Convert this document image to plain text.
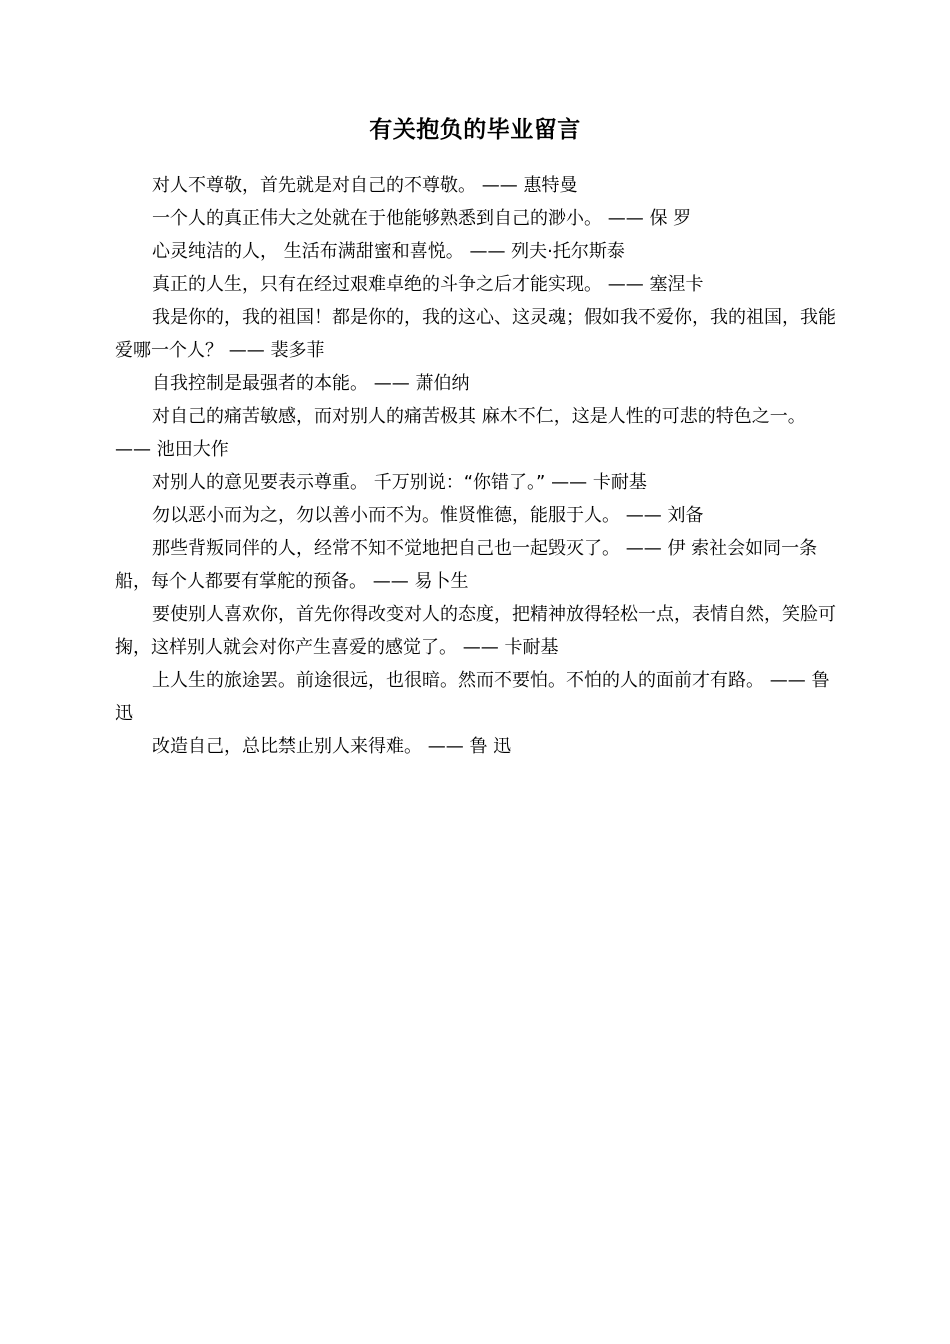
有关抱负的毕业留言

对人不尊敬，首先就是对自己的不尊敬。 —— 惠特曼

一个人的真正伟大之处就在于他能够熟悉到自己的渺小。 —— 保 罗

心灵纯洁的人， 生活布满甜蜜和喜悦。 —— 列夫·托尔斯泰

真正的人生，只有在经过艰难卓绝的斗争之后才能实现。 —— 塞涅卡

我是你的，我的祖国！都是你的，我的这心、这灵魂；假如我不爱你，我的祖国，我能爱哪一个人？ —— 裴多菲

自我控制是最强者的本能。 —— 萧伯纳

对自己的痛苦敏感，而对别人的痛苦极其 麻木不仁，这是人性的可悲的特色之一。 —— 池田大作

对别人的意见要表示尊重。 千万别说：“你错了。” —— 卡耐基

勿以恶小而为之，勿以善小而不为。惟贤惟德，能服于人。 —— 刘备

那些背叛同伴的人，经常不知不觉地把自己也一起毁灭了。 —— 伊 索社会如同一条船，每个人都要有掌舵的预备。 —— 易卜生

要使别人喜欢你，首先你得改变对人的态度，把精神放得轻松一点，表情自然，笑脸可掬，这样别人就会对你产生喜爱的感觉了。 —— 卡耐基

上人生的旅途罢。前途很远，也很暗。然而不要怕。不怕的人的面前才有路。 —— 鲁 迅

改造自己，总比禁止别人来得难。 —— 鲁 迅
